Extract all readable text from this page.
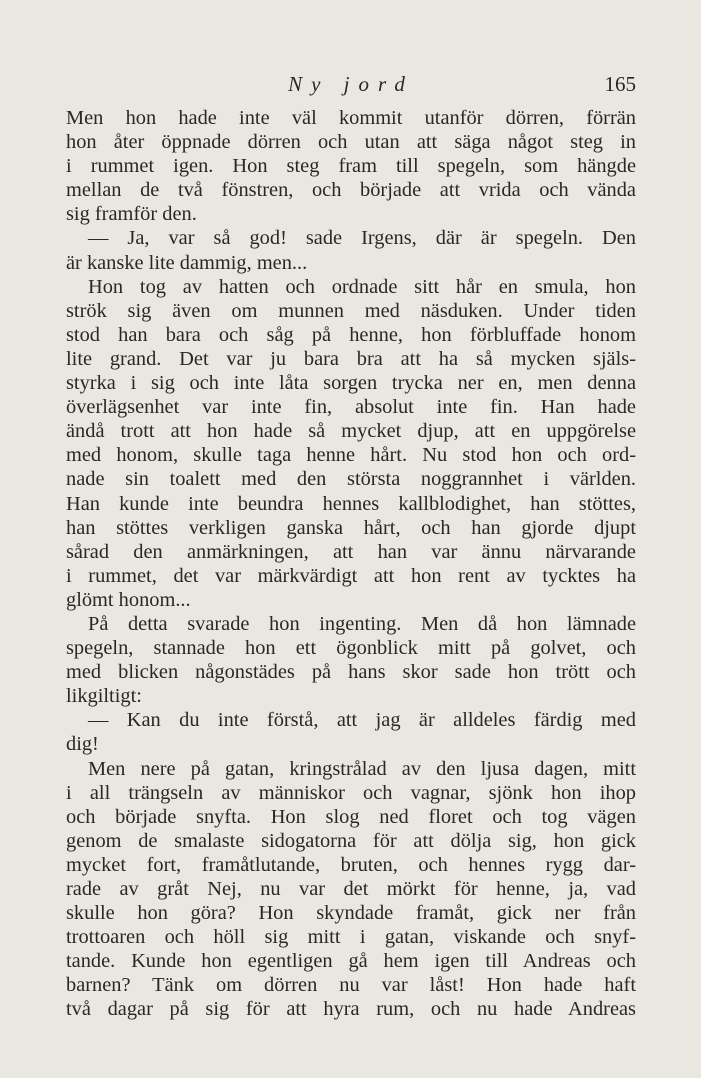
Ny jord	165
Men hon hade inte väl kommit utanför dörren, förrän
hon åter öppnade dörren och utan att säga något steg in
i rummet igen. Hon steg fram till spegeln, som hängde
mellan de två fönstren, och började att vrida och vända
sig framför den.
— Ja, var så god! sade Irgens, där är spegeln. Den
är kanske lite dammig, men...
Hon tog av hatten och ordnade sitt hår en smula, hon
strök sig även om munnen med näsduken. Under tiden
stod han bara och såg på henne, hon förbluffade honom
lite grand. Det var ju bara bra att ha så mycken själs-
styrka i sig och inte låta sorgen trycka ner en, men denna
överlägsenhet var inte fin, absolut inte fin. Han hade
ändå trott att hon hade så mycket djup, att en uppgörelse
med honom, skulle taga henne hårt. Nu stod hon och ord-
nade sin toalett med den största noggrannhet i världen.
Han kunde inte beundra hennes kallblodighet, han stöttes,
han stöttes verkligen ganska hårt, och han gjorde djupt
sårad den anmärkningen, att han var ännu närvarande
i rummet, det var märkvärdigt att hon rent av tycktes ha
glömt honom...
På detta svarade hon ingenting. Men då hon lämnade
spegeln, stannade hon ett ögonblick mitt på golvet, och
med blicken någonstädes på hans skor sade hon trött och
likgiltigt:
— Kan du inte förstå, att jag är alldeles färdig med
dig!
Men nere på gatan, kringstrålad av den ljusa dagen, mitt
i all trängseln av människor och vagnar, sjönk hon ihop
och började snyfta. Hon slog ned floret och tog vägen
genom de smalaste sidogatorna för att dölja sig, hon gick
mycket fort, framåtlutande, bruten, och hennes rygg dar-
rade av gråt Nej, nu var det mörkt för henne, ja, vad
skulle hon göra? Hon skyndade framåt, gick ner från
trottoaren och höll sig mitt i gatan, viskande och snyf-
tande. Kunde hon egentligen gå hem igen till Andreas och
barnen? Tänk om dörren nu var låst! Hon hade haft
två dagar på sig för att hyra rum, och nu hade Andreas
